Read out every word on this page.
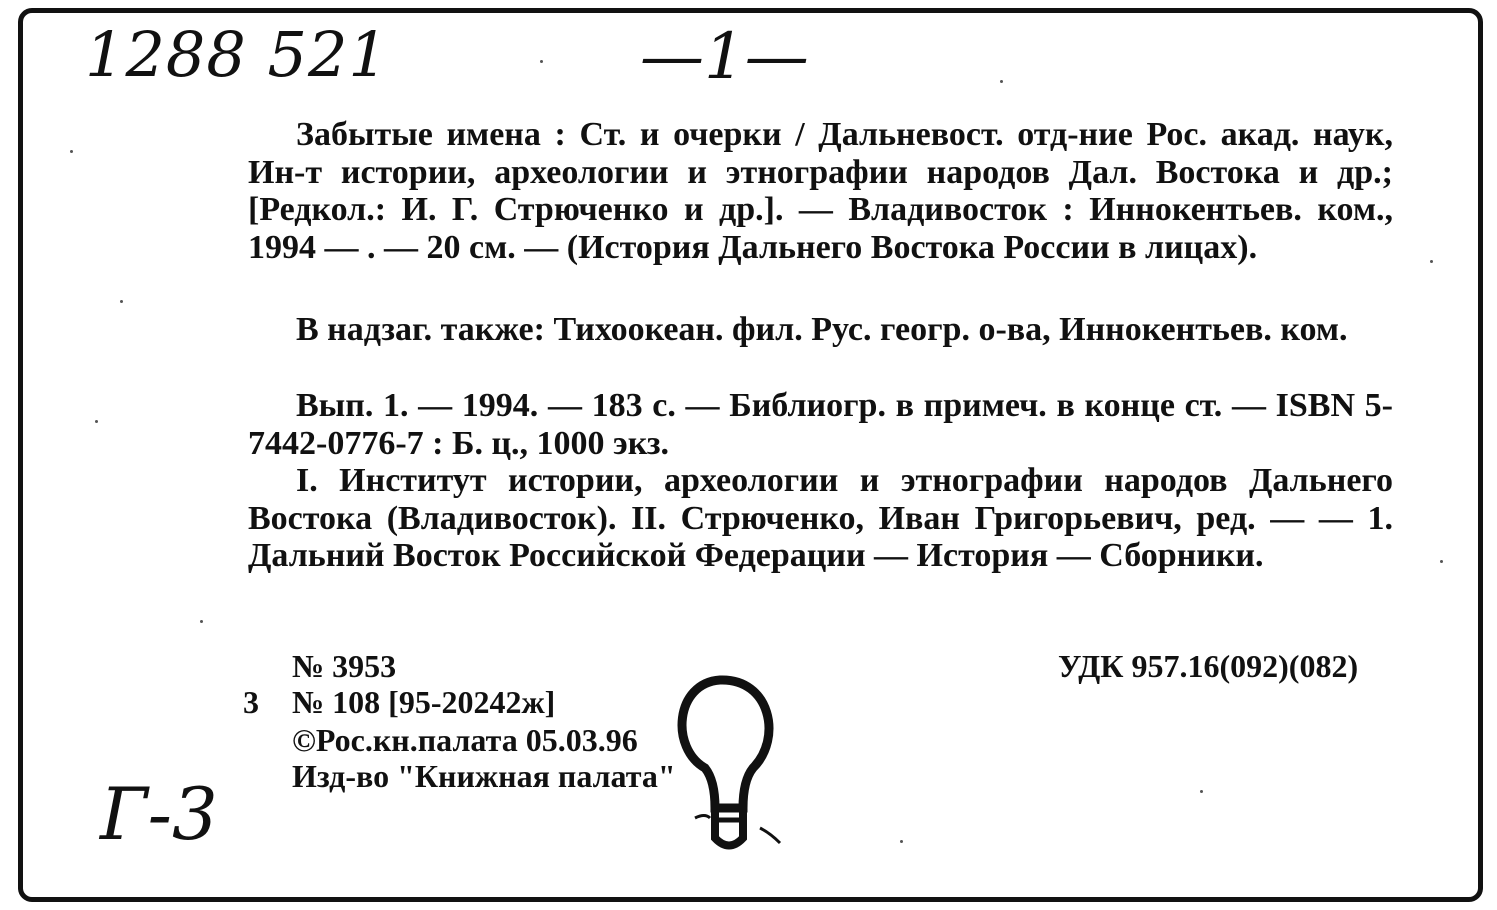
1288 521	—1—
Г-3
Забытые имена : Ст. и очерки / Дальневост. отд-ние Рос. акад. наук, Ин-т истории, археологии и этнографии народов Дал. Востока и др.; [Редкол.: И. Г. Стрюченко и др.]. — Владивосток : Иннокентьев. ком., 1994 — . — 20 см. — (История Дальнего Востока России в лицах).
В надзаг. также: Тихоокеан. фил. Рус. геогр. о-ва, Иннокентьев. ком.
Вып. 1. — 1994. — 183 с. — Библиогр. в примеч. в конце ст. — ISBN 5-7442-0776-7 : Б. ц., 1000 экз.
I. Институт истории, археологии и этнографии народов Дальнего Востока (Владивосток). II. Стрюченко, Иван Григорьевич, ред. — — 1. Дальний Восток Российской Федерации — История — Сборники.
№ 3953	УДК 957.16(092)(082)
3 № 108 [95-20242ж]
©Рос.кн.палата 05.03.96
Изд-во "Книжная палата"
